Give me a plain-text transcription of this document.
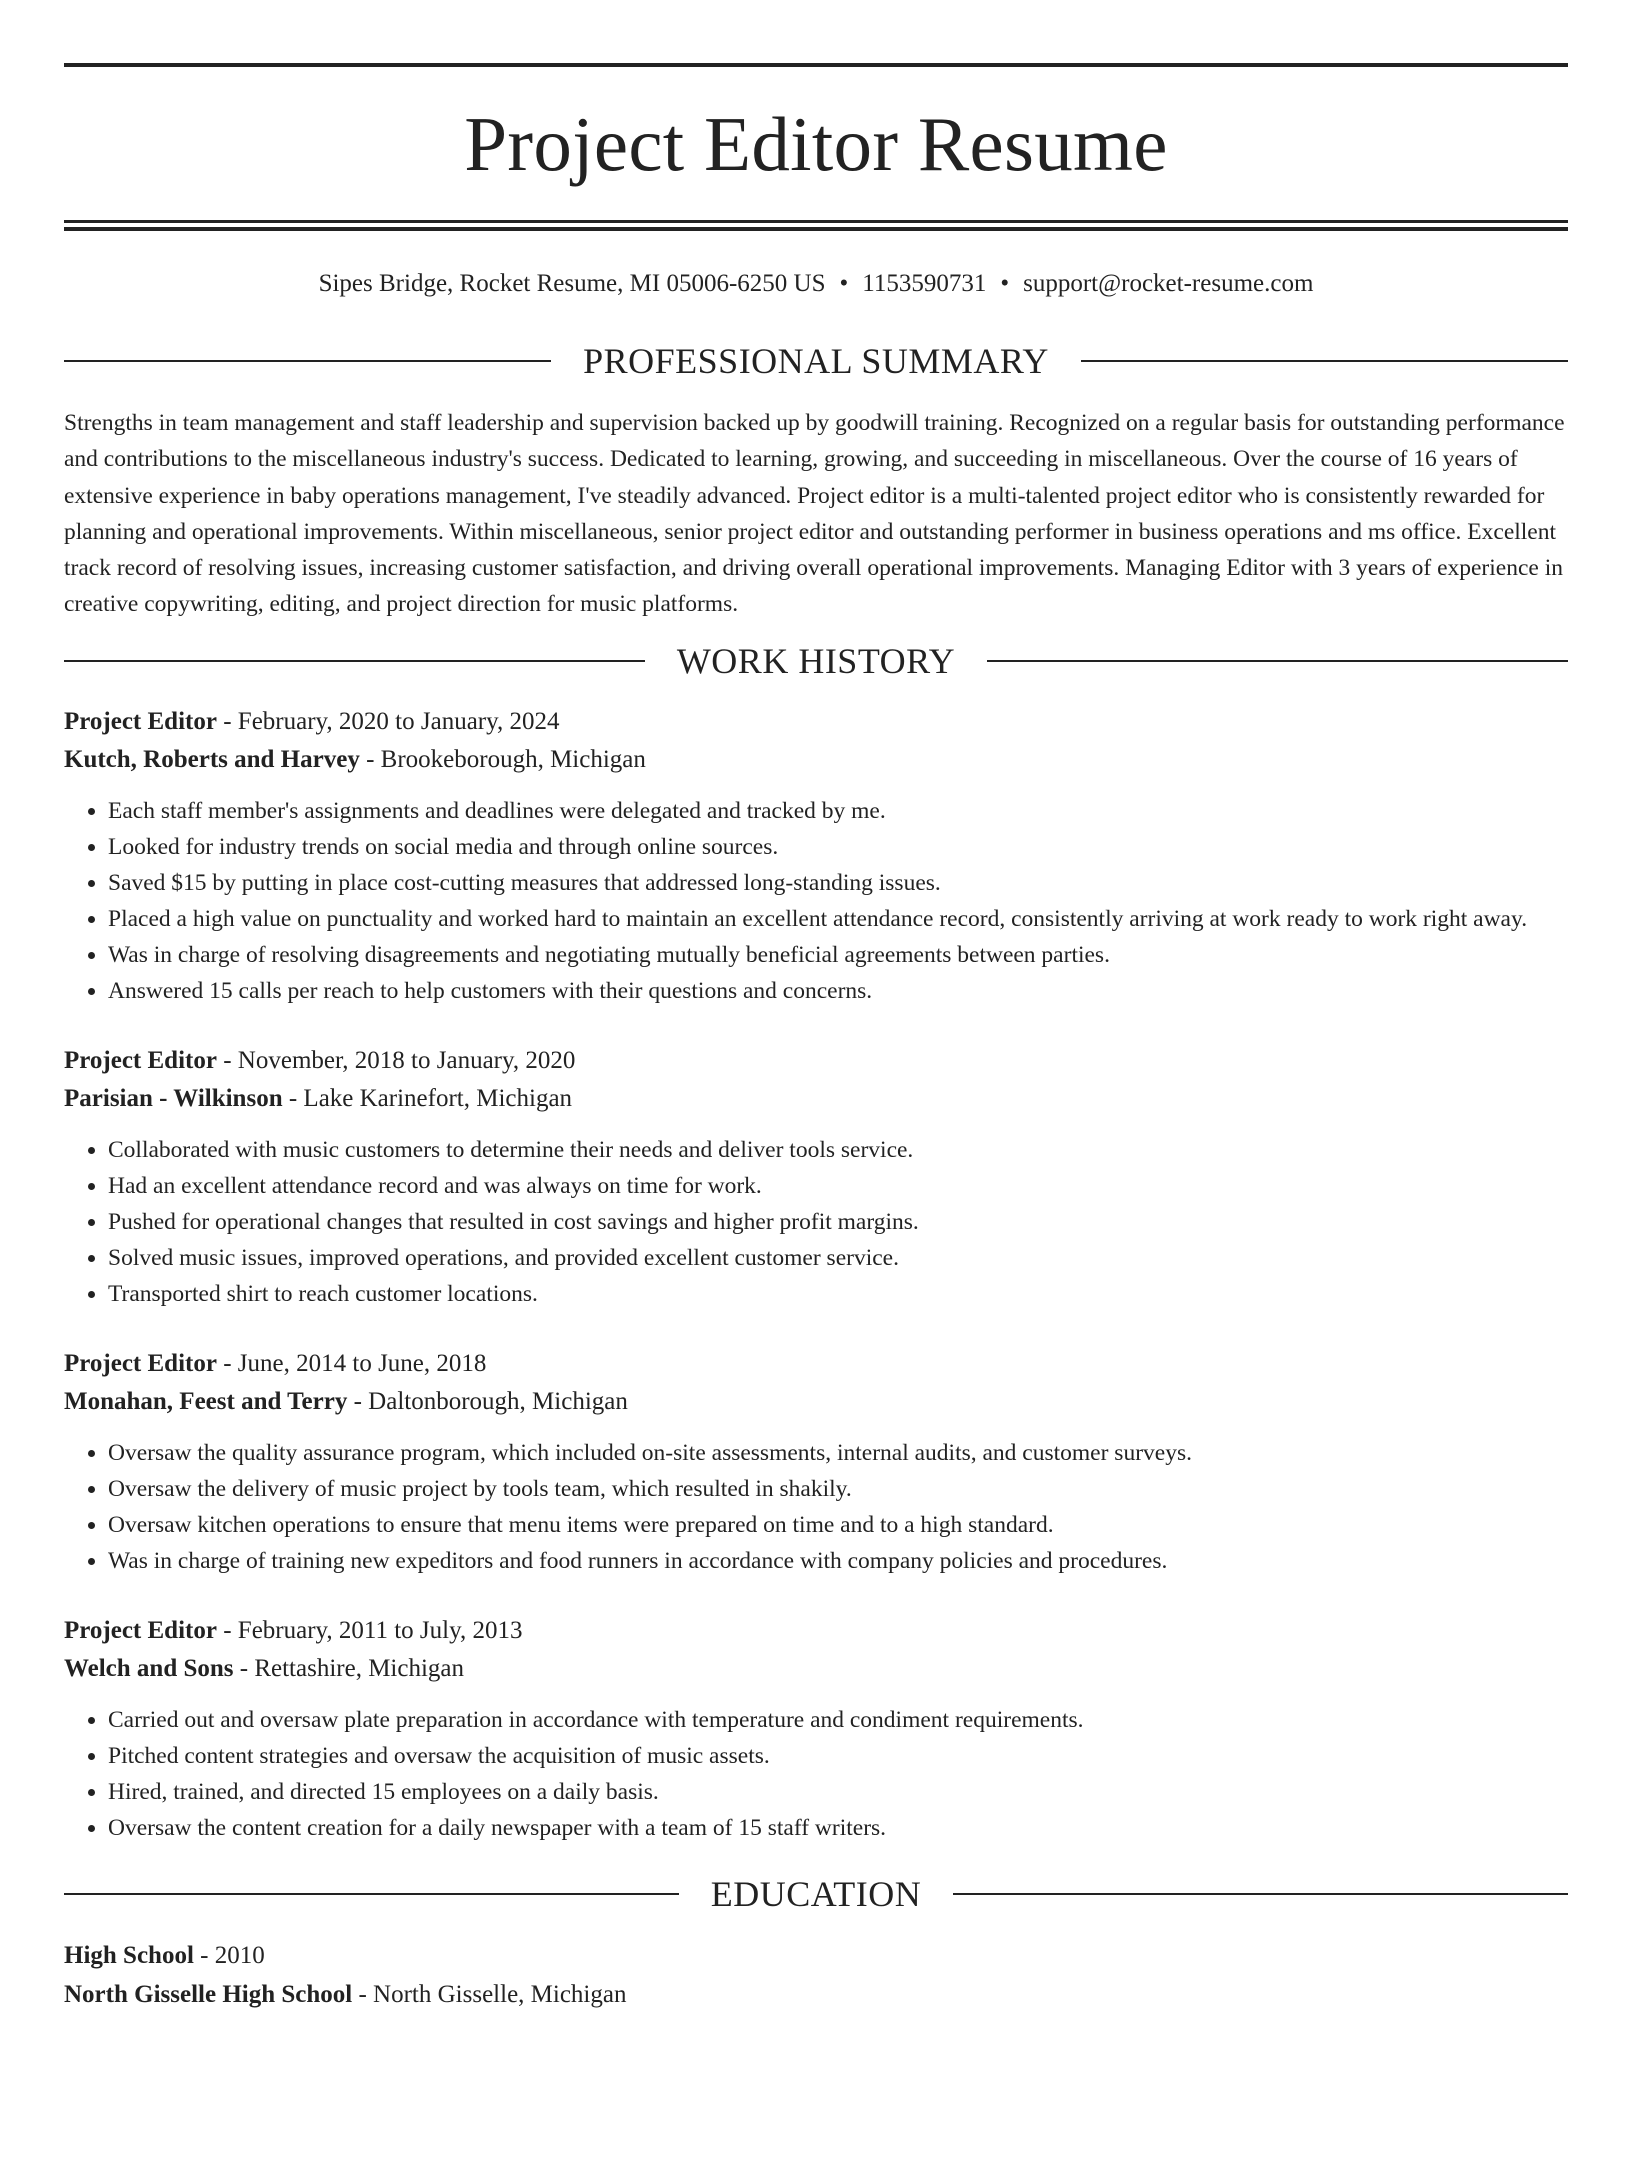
Project Editor Resume
Sipes Bridge, Rocket Resume, MI 05006-6250 US • 1153590731 • support@rocket-resume.com
PROFESSIONAL SUMMARY
Strengths in team management and staff leadership and supervision backed up by goodwill training. Recognized on a regular basis for outstanding performance and contributions to the miscellaneous industry's success. Dedicated to learning, growing, and succeeding in miscellaneous. Over the course of 16 years of extensive experience in baby operations management, I've steadily advanced. Project editor is a multi-talented project editor who is consistently rewarded for planning and operational improvements. Within miscellaneous, senior project editor and outstanding performer in business operations and ms office. Excellent track record of resolving issues, increasing customer satisfaction, and driving overall operational improvements. Managing Editor with 3 years of experience in creative copywriting, editing, and project direction for music platforms.
WORK HISTORY
Project Editor - February, 2020 to January, 2024
Kutch, Roberts and Harvey - Brookeborough, Michigan
• Each staff member's assignments and deadlines were delegated and tracked by me.
• Looked for industry trends on social media and through online sources.
• Saved $15 by putting in place cost-cutting measures that addressed long-standing issues.
• Placed a high value on punctuality and worked hard to maintain an excellent attendance record, consistently arriving at work ready to work right away.
• Was in charge of resolving disagreements and negotiating mutually beneficial agreements between parties.
• Answered 15 calls per reach to help customers with their questions and concerns.
Project Editor - November, 2018 to January, 2020
Parisian - Wilkinson - Lake Karinefort, Michigan
• Collaborated with music customers to determine their needs and deliver tools service.
• Had an excellent attendance record and was always on time for work.
• Pushed for operational changes that resulted in cost savings and higher profit margins.
• Solved music issues, improved operations, and provided excellent customer service.
• Transported shirt to reach customer locations.
Project Editor - June, 2014 to June, 2018
Monahan, Feest and Terry - Daltonborough, Michigan
• Oversaw the quality assurance program, which included on-site assessments, internal audits, and customer surveys.
• Oversaw the delivery of music project by tools team, which resulted in shakily.
• Oversaw kitchen operations to ensure that menu items were prepared on time and to a high standard.
• Was in charge of training new expeditors and food runners in accordance with company policies and procedures.
Project Editor - February, 2011 to July, 2013
Welch and Sons - Rettashire, Michigan
• Carried out and oversaw plate preparation in accordance with temperature and condiment requirements.
• Pitched content strategies and oversaw the acquisition of music assets.
• Hired, trained, and directed 15 employees on a daily basis.
• Oversaw the content creation for a daily newspaper with a team of 15 staff writers.
EDUCATION
High School - 2010
North Gisselle High School - North Gisselle, Michigan
